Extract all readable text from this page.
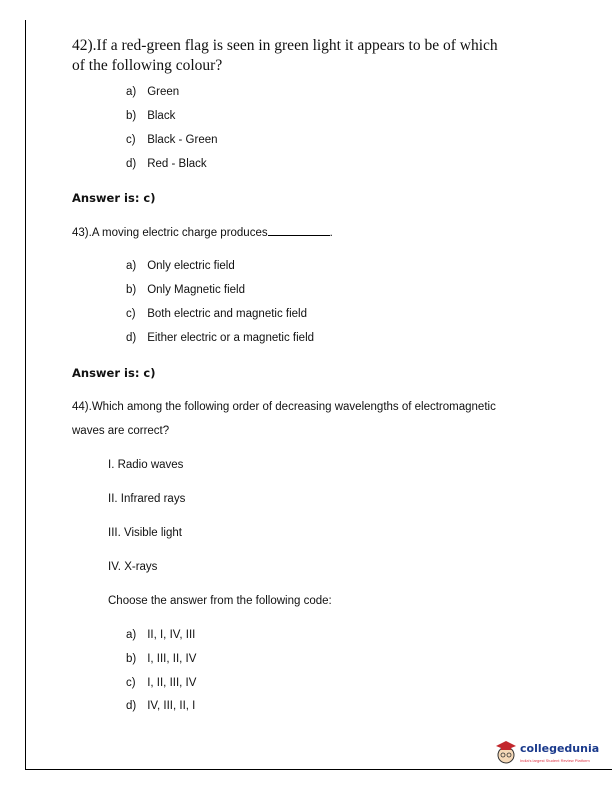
42).If a red-green flag is seen in green light it appears to be of which
of the following colour?
a) Green
b) Black
c) Black - Green
d) Red - Black
Answer is: c)
43).A moving electric charge produces	.
a) Only electric field
b) Only Magnetic field
c) Both electric and magnetic field
d) Either electric or a magnetic field
Answer is: c)
44).Which among the following order of decreasing wavelengths of electromagnetic
waves are correct?
I. Radio waves
II. Infrared rays
III. Visible light
IV. X-rays
Choose the answer from the following code:
a) II, I, IV, III
b) I, III, II, IV
c) I, II, III, IV
d) IV, III, II, I
collegedunia
India's largest Student Review Platform
